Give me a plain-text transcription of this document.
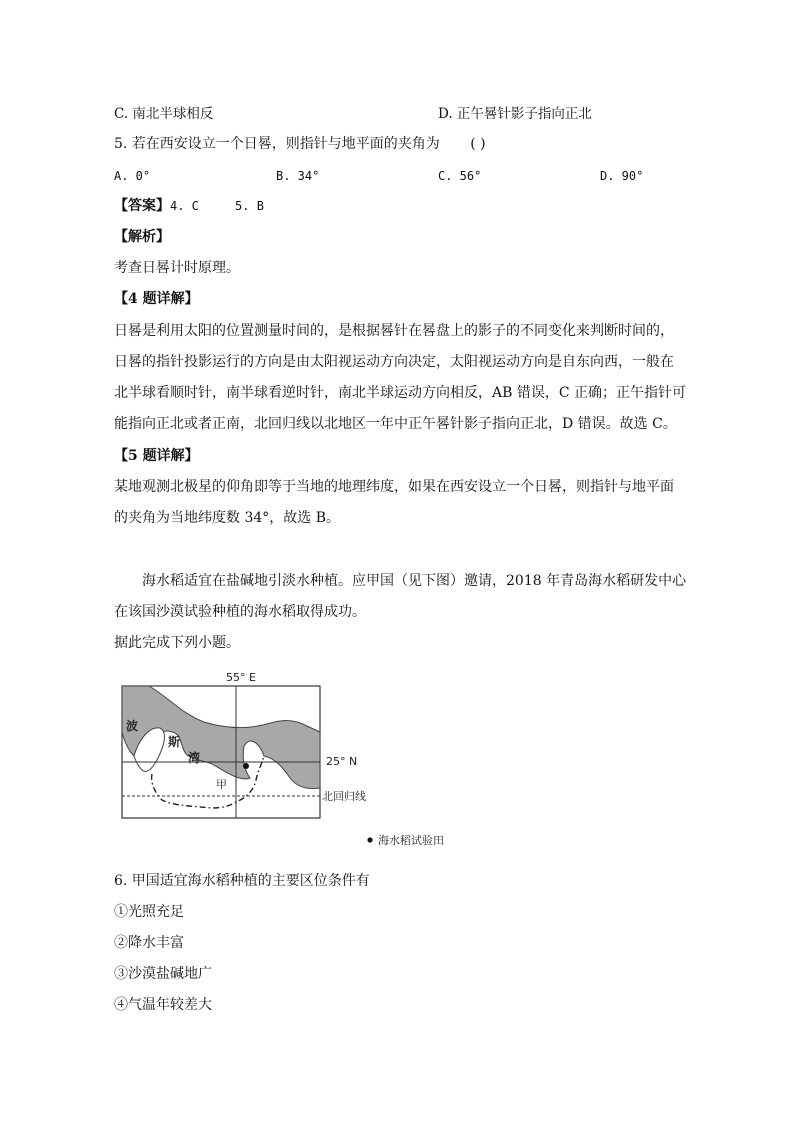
C. 南北半球相反	D. 正午晷针影子指向正北
5. 若在西安设立一个日晷，则指针与地平面的夹角为 ( )
A. 0°	B. 34°	C. 56°	D. 90°
【答案】4. C     5. B
【解析】
考查日晷计时原理。
【4 题详解】
日晷是利用太阳的位置测量时间的，是根据晷针在晷盘上的影子的不同变化来判断时间的，
日晷的指针投影运行的方向是由太阳视运动方向决定，太阳视运动方向是自东向西，一般在
北半球看顺时针，南半球看逆时针，南北半球运动方向相反，AB 错误，C 正确；正午指针可
能指向正北或者正南，北回归线以北地区一年中正午晷针影子指向正北，D 错误。故选 C。
【5 题详解】
某地观测北极星的仰角即等于当地的地理纬度，如果在西安设立一个日晷，则指针与地平面
的夹角为当地纬度数 34°，故选 B。
海水稻适宜在盐碱地引淡水种植。应甲国（见下图）邀请，2018 年青岛海水稻研发中心
在该国沙漠试验种植的海水稻取得成功。
据此完成下列小题。
55° E
波
斯
湾	25° N
北回归线
甲
海水稻试验田
6. 甲国适宜海水稻种植的主要区位条件有
①光照充足
②降水丰富
③沙漠盐碱地广
④气温年较差大
